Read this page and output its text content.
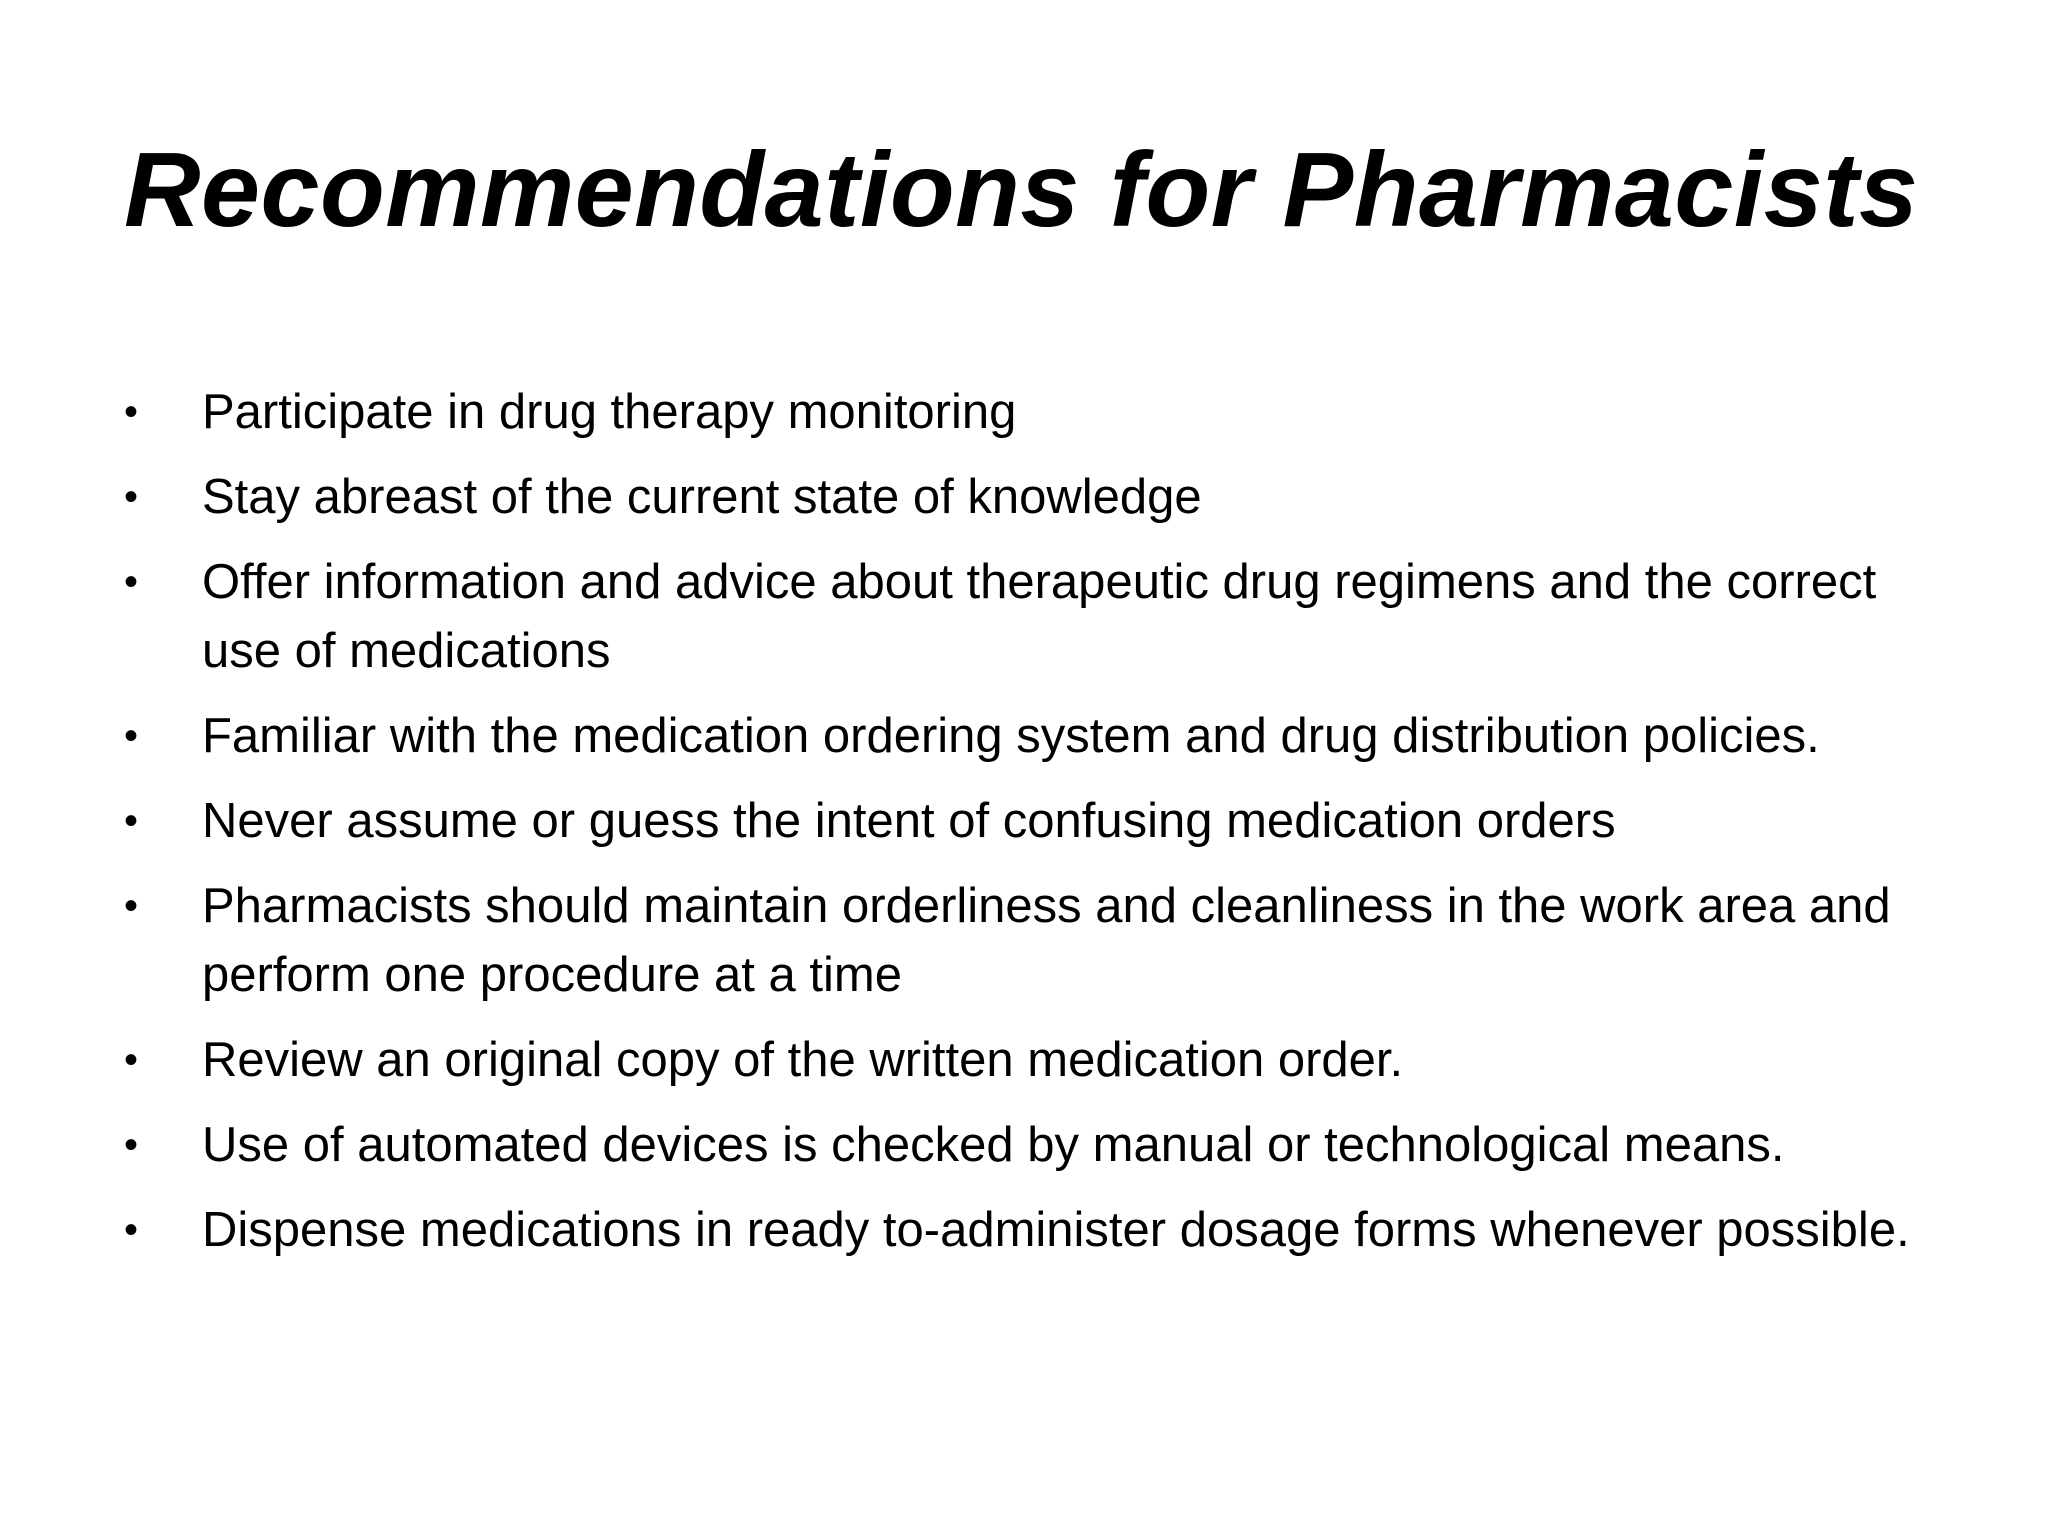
Recommendations for Pharmacists
•	Participate in drug therapy monitoring
•	Stay abreast of the current state of knowledge
•	Offer information and advice about therapeutic drug regimens and the correct use of medications
•	Familiar with the medication ordering system and drug distribution policies.
•	Never assume or guess the intent of confusing medication orders
•	Pharmacists should maintain orderliness and cleanliness in the work area and perform one procedure at a time
•	Review an original copy of the written medication order.
•	Use of automated devices is checked by manual or technological means.
•	Dispense medications in ready to-administer dosage forms whenever possible.
